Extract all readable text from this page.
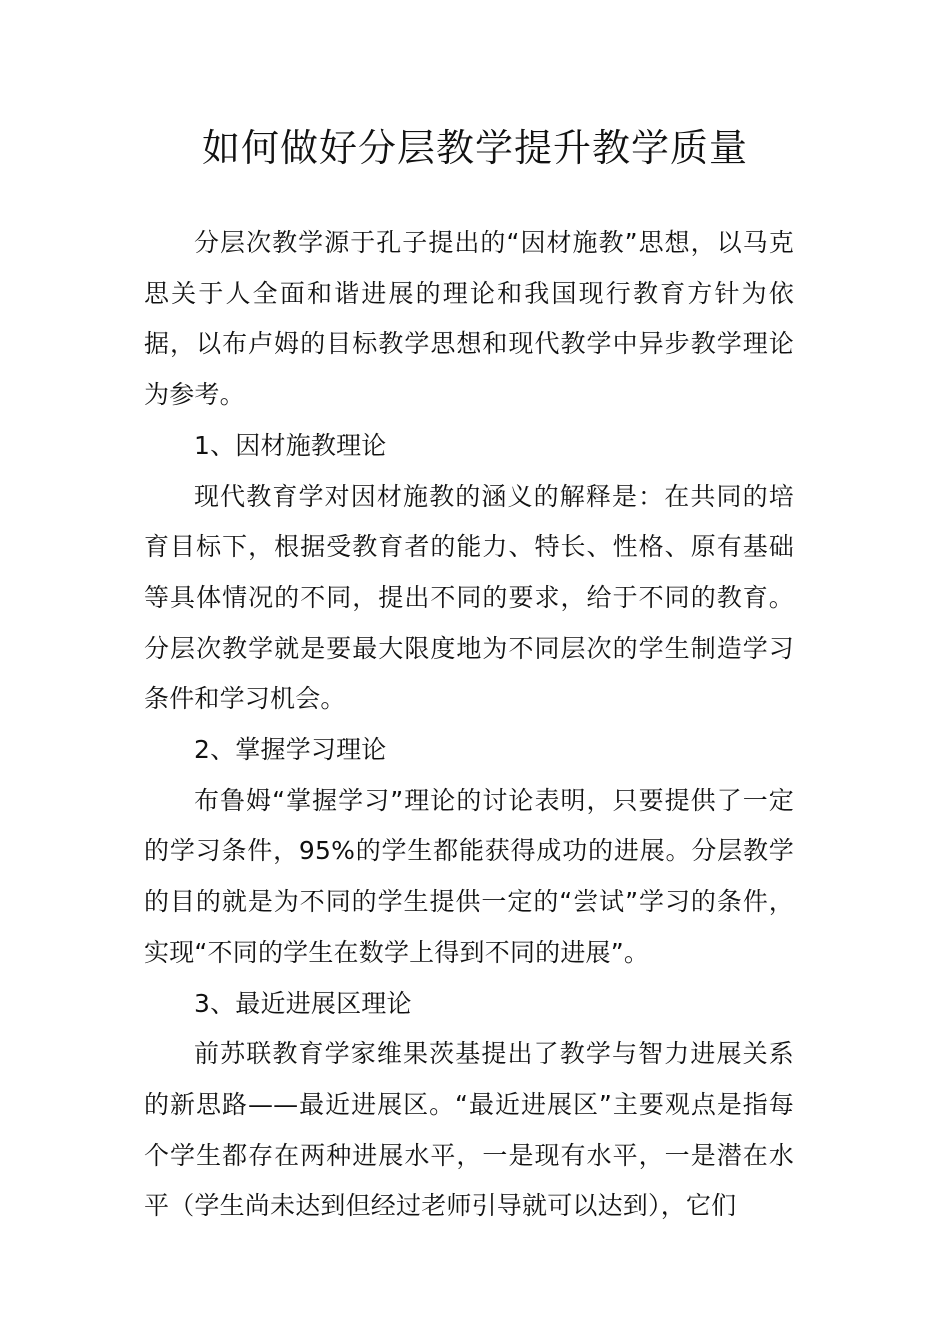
如何做好分层教学提升教学质量

分层次教学源于孔子提出的“因材施教”思想，以马克思关于人全面和谐进展的理论和我国现行教育方针为依据，以布卢姆的目标教学思想和现代教学中异步教学理论为参考。

1、因材施教理论

现代教育学对因材施教的涵义的解释是：在共同的培育目标下，根据受教育者的能力、特长、性格、原有基础等具体情况的不同，提出不同的要求，给于不同的教育。分层次教学就是要最大限度地为不同层次的学生制造学习条件和学习机会。

2、掌握学习理论

布鲁姆“掌握学习”理论的讨论表明，只要提供了一定的学习条件，95%的学生都能获得成功的进展。分层教学的目的就是为不同的学生提供一定的“尝试”学习的条件，实现“不同的学生在数学上得到不同的进展”。

3、最近进展区理论

前苏联教育学家维果茨基提出了教学与智力进展关系的新思路——最近进展区。“最近进展区”主要观点是指每个学生都存在两种进展水平，一是现有水平，一是潜在水平（学生尚未达到但经过老师引导就可以达到），它们
